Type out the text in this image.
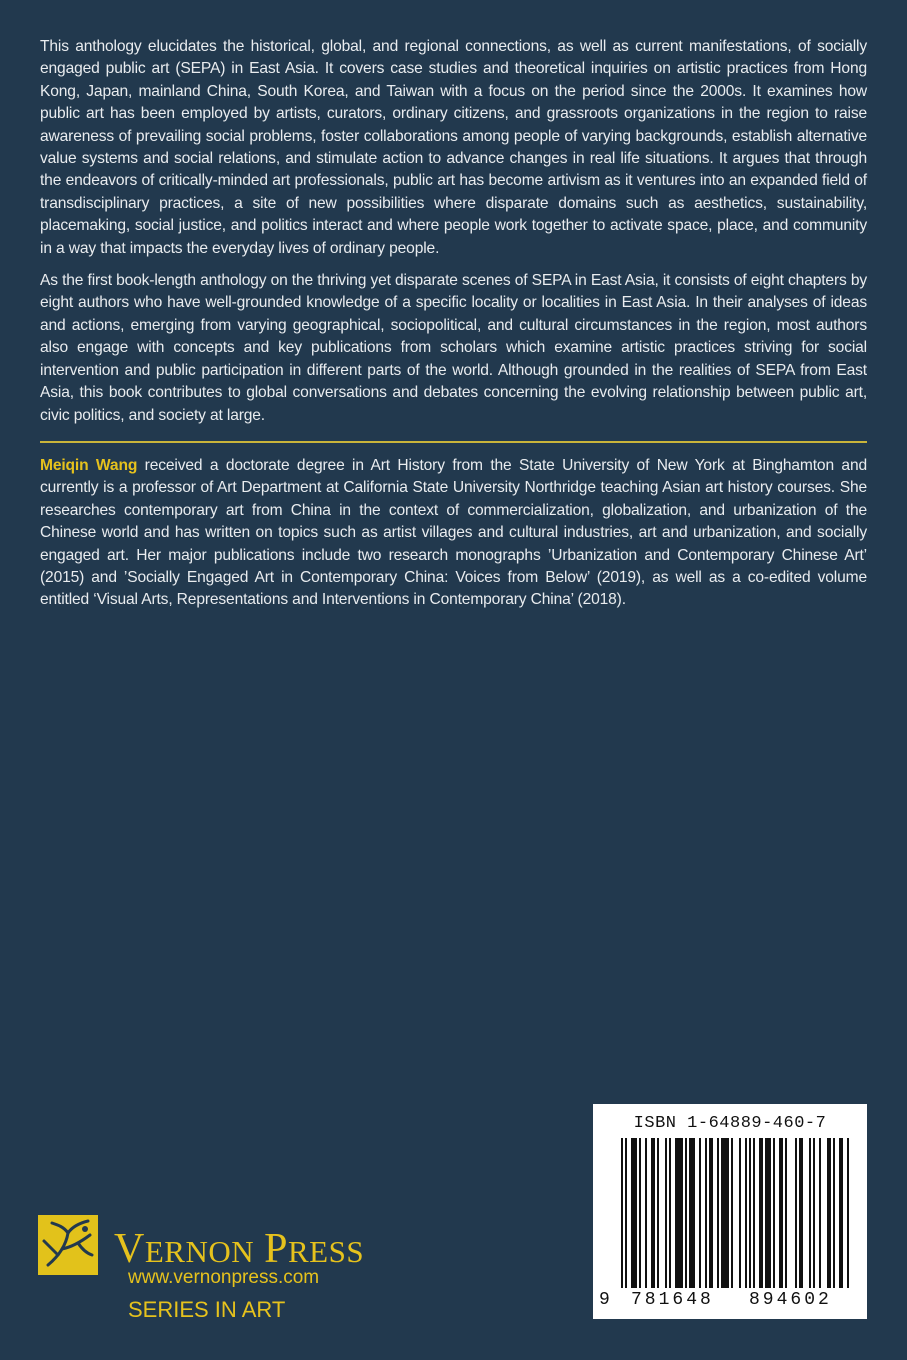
This anthology elucidates the historical, global, and regional connections, as well as current manifestations, of socially engaged public art (SEPA) in East Asia. It covers case studies and theoretical inquiries on artistic practices from Hong Kong, Japan, mainland China, South Korea, and Taiwan with a focus on the period since the 2000s. It examines how public art has been employed by artists, curators, ordinary citizens, and grassroots organizations in the region to raise awareness of prevailing social problems, foster collaborations among people of varying backgrounds, establish alternative value systems and social relations, and stimulate action to advance changes in real life situations. It argues that through the endeavors of critically-minded art professionals, public art has become artivism as it ventures into an expanded field of transdisciplinary practices, a site of new possibilities where disparate domains such as aesthetics, sustainability, placemaking, social justice, and politics interact and where people work together to activate space, place, and community in a way that impacts the everyday lives of ordinary people.

As the first book-length anthology on the thriving yet disparate scenes of SEPA in East Asia, it consists of eight chapters by eight authors who have well-grounded knowledge of a specific locality or localities in East Asia. In their analyses of ideas and actions, emerging from varying geographical, sociopolitical, and cultural circumstances in the region, most authors also engage with concepts and key publications from scholars which examine artistic practices striving for social intervention and public participation in different parts of the world. Although grounded in the realities of SEPA from East Asia, this book contributes to global conversations and debates concerning the evolving relationship between public art, civic politics, and society at large.

Meiqin Wang received a doctorate degree in Art History from the State University of New York at Binghamton and currently is a professor of Art Department at California State University Northridge teaching Asian art history courses. She researches contemporary art from China in the context of commercialization, globalization, and urbanization of the Chinese world and has written on topics such as artist villages and cultural industries, art and urbanization, and socially engaged art. Her major publications include two research monographs ’Urbanization and Contemporary Chinese Art’ (2015) and ’Socially Engaged Art in Contemporary China: Voices from Below’ (2019), as well as a co-edited volume entitled ‘Visual Arts, Representations and Interventions in Contemporary China’ (2018).

VERNON PRESS
www.vernonpress.com
SERIES IN ART
ISBN 1-64889-460-7
9 781648 894602
